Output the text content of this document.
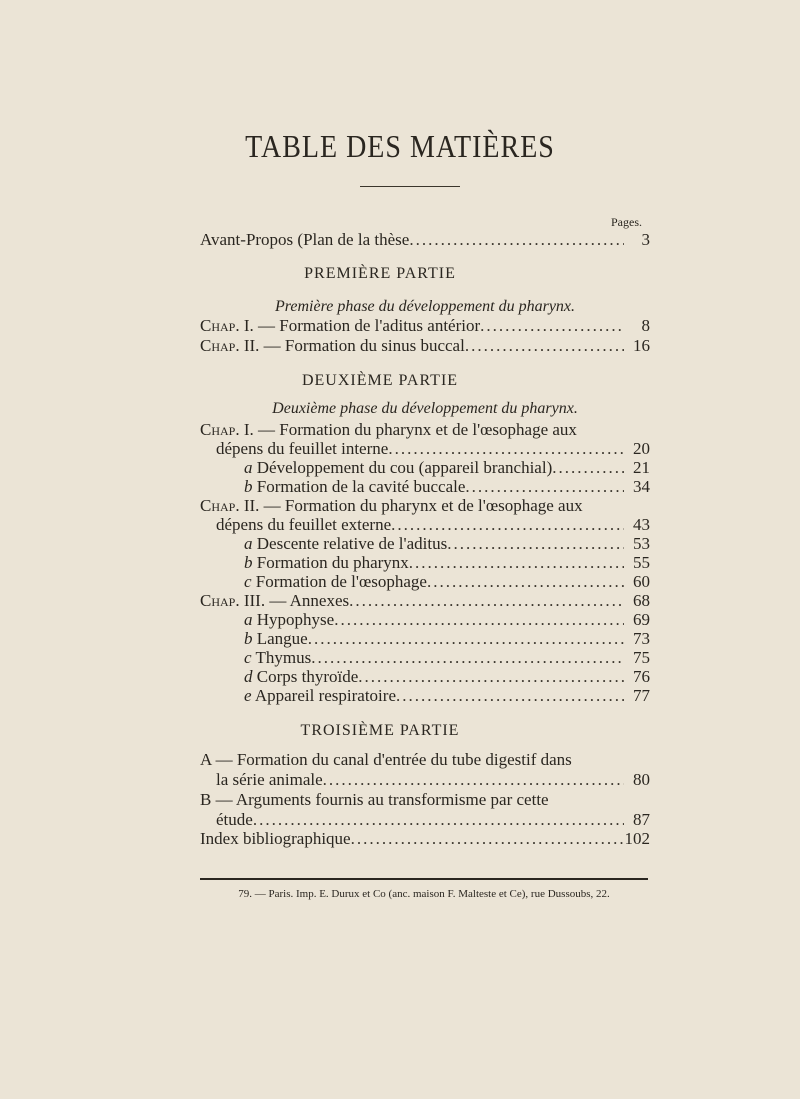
TABLE DES MATIÈRES
Pages.
Avant-Propos (Plan de la thèse .....	3
PREMIÈRE PARTIE
Première phase du développement du pharynx.
Chap. I. — Formation de l'aditus antérior .....	8
Chap. II. — Formation du sinus buccal .....	16
DEUXIÈME PARTIE
Deuxième phase du développement du pharynx.
Chap. I. — Formation du pharynx et de l'œsophage aux
dépens du feuillet interne .....	20
a Développement du cou (appareil branchial) .....	21
b Formation de la cavité buccale .....	34
Chap. II. — Formation du pharynx et de l'œsophage aux
dépens du feuillet externe .....	43
a Descente relative de l'aditus .....	53
b Formation du pharynx .....	55
c Formation de l'œsophage .....	60
Chap. III. — Annexes .....	68
a Hypophyse .....	69
b Langue .....	73
c Thymus .....	75
d Corps thyroïde .....	76
e Appareil respiratoire .....	77
TROISIÈME PARTIE
A — Formation du canal d'entrée du tube digestif dans
la série animale .....	80
B — Arguments fournis au transformisme par cette
étude .....	87
Index bibliographique .....	102
79. — Paris. Imp. E. Durux et Co (anc. maison F. Malteste et Ce), rue Dussoubs, 22.
